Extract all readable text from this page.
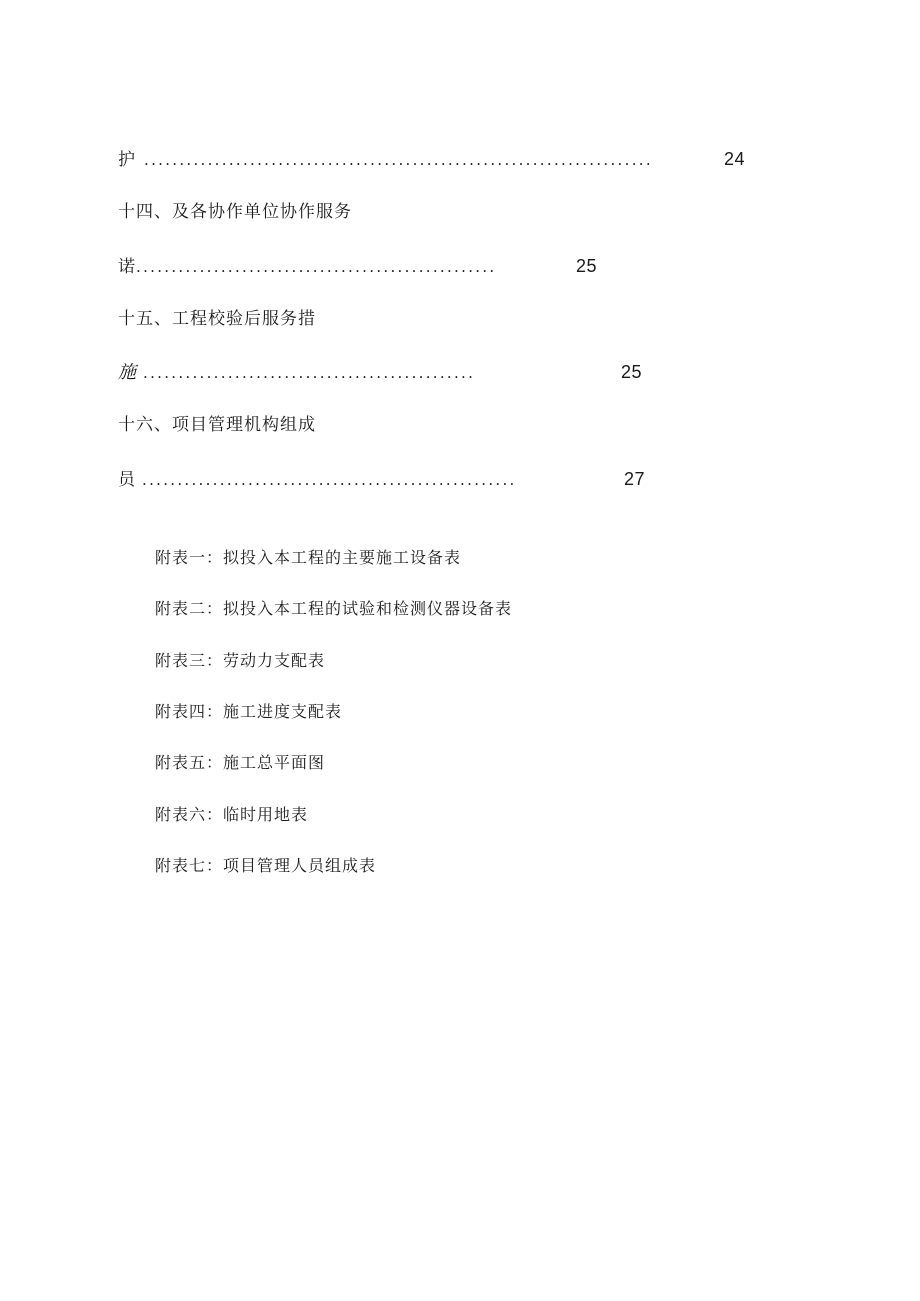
护 ........................................................................	24
十四、及各协作单位协作服务
诺 ...................................................	25
十五、工程校验后服务措
施 ...............................................	25
十六、项目管理机构组成
员 .....................................................	27
附表一：拟投入本工程的主要施工设备表
附表二：拟投入本工程的试验和检测仪器设备表
附表三：劳动力支配表
附表四：施工进度支配表
附表五：施工总平面图
附表六：临时用地表
附表七：项目管理人员组成表
